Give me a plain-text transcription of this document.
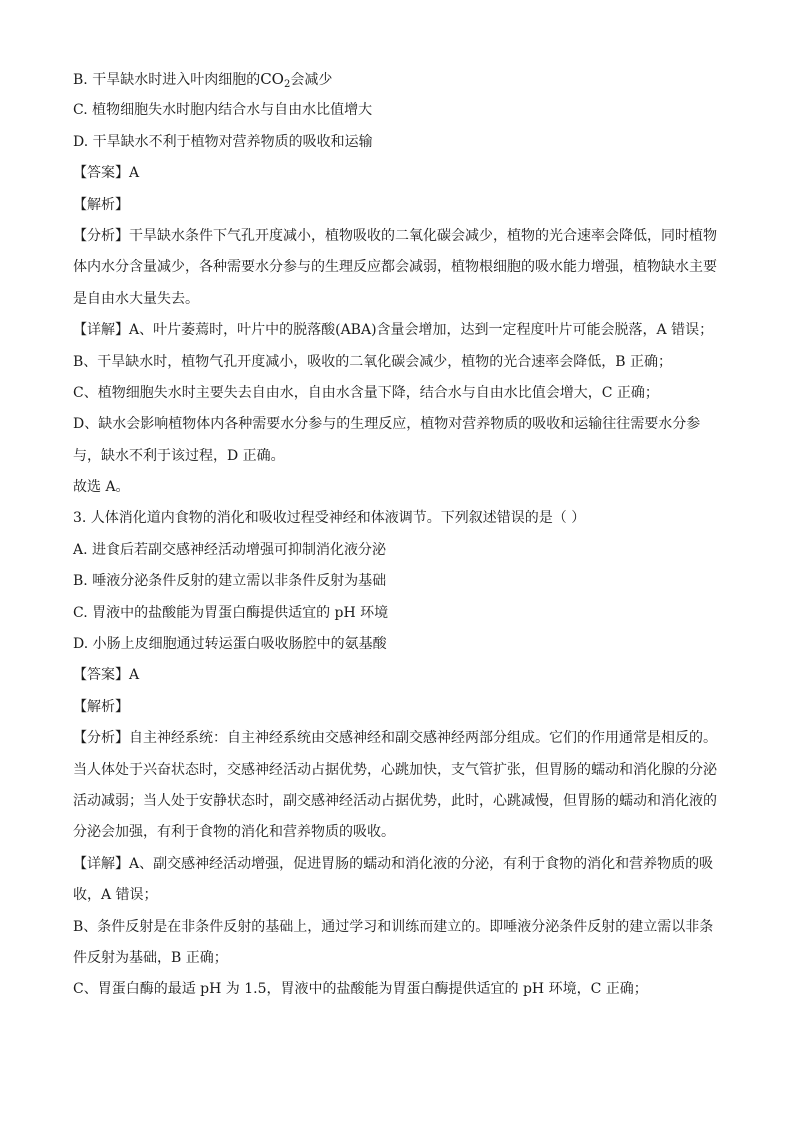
B. 干旱缺水时进入叶肉细胞的$CO_2$会减少
C. 植物细胞失水时胞内结合水与自由水比值增大
D. 干旱缺水不利于植物对营养物质的吸收和运输
【答案】A
【解析】
【分析】干旱缺水条件下气孔开度减小，植物吸收的二氧化碳会减少，植物的光合速率会降低，同时植物
体内水分含量减少，各种需要水分参与的生理反应都会减弱，植物根细胞的吸水能力增强，植物缺水主要
是自由水大量失去。
【详解】A、叶片萎蔫时，叶片中的脱落酸(ABA)含量会增加，达到一定程度叶片可能会脱落，A 错误；
B、干旱缺水时，植物气孔开度减小，吸收的二氧化碳会减少，植物的光合速率会降低，B 正确；
C、植物细胞失水时主要失去自由水，自由水含量下降，结合水与自由水比值会增大，C 正确；
D、缺水会影响植物体内各种需要水分参与的生理反应，植物对营养物质的吸收和运输往往需要水分参
与，缺水不利于该过程，D 正确。
故选 A。
3. 人体消化道内食物的消化和吸收过程受神经和体液调节。下列叙述错误的是（ ）
A. 进食后若副交感神经活动增强可抑制消化液分泌
B. 唾液分泌条件反射的建立需以非条件反射为基础
C. 胃液中的盐酸能为胃蛋白酶提供适宜的 pH 环境
D. 小肠上皮细胞通过转运蛋白吸收肠腔中的氨基酸
【答案】A
【解析】
【分析】自主神经系统：自主神经系统由交感神经和副交感神经两部分组成。它们的作用通常是相反的。
当人体处于兴奋状态时，交感神经活动占据优势，心跳加快，支气管扩张，但胃肠的蠕动和消化腺的分泌
活动减弱；当人处于安静状态时，副交感神经活动占据优势，此时，心跳减慢，但胃肠的蠕动和消化液的
分泌会加强，有利于食物的消化和营养物质的吸收。
【详解】A、副交感神经活动增强，促进胃肠的蠕动和消化液的分泌，有利于食物的消化和营养物质的吸
收，A 错误；
B、条件反射是在非条件反射的基础上，通过学习和训练而建立的。即唾液分泌条件反射的建立需以非条
件反射为基础，B 正确；
C、胃蛋白酶的最适 pH 为 1.5，胃液中的盐酸能为胃蛋白酶提供适宜的 pH 环境，C 正确；
